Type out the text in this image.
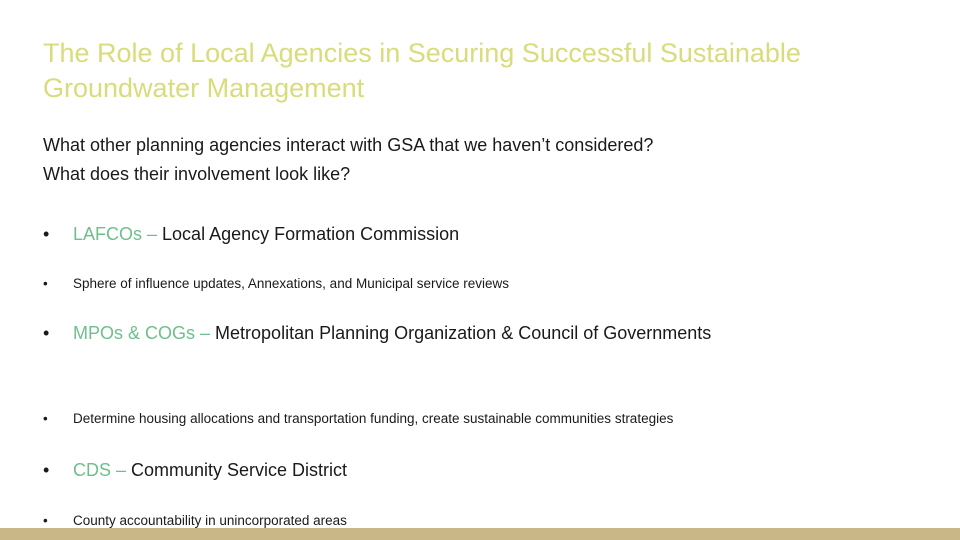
The Role of Local Agencies in Securing Successful Sustainable Groundwater Management

What other planning agencies interact with GSA that we haven’t considered?

What does their involvement look like?

• LAFCOs – Local Agency Formation Commission
• Sphere of influence updates, Annexations, and Municipal service reviews
• MPOs & COGs – Metropolitan Planning Organization & Council of Governments
• Determine housing allocations and transportation funding, create sustainable communities strategies
• CDS – Community Service District
• County accountability in unincorporated areas
